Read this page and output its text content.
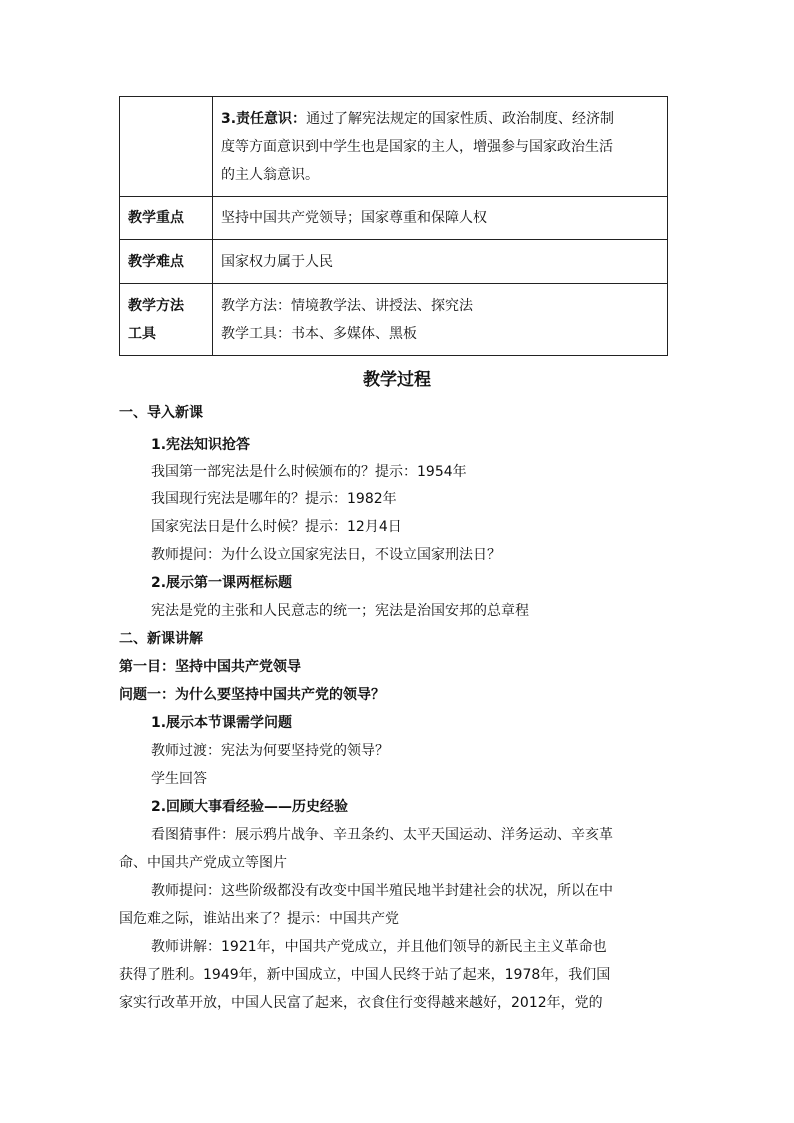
	3.责任意识：通过了解宪法规定的国家性质、政治制度、经济制
度等方面意识到中学生也是国家的主人，增强参与国家政治生活
的主人翁意识。
教学重点	坚持中国共产党领导；国家尊重和保障人权
教学难点	国家权力属于人民
教学方法
工具	教学方法：情境教学法、讲授法、探究法
教学工具：书本、多媒体、黑板
教学过程
一、导入新课
1.宪法知识抢答
我国第一部宪法是什么时候颁布的？提示：1954年
我国现行宪法是哪年的？提示：1982年
国家宪法日是什么时候？提示：12月4日
教师提问：为什么设立国家宪法日，不设立国家刑法日？
2.展示第一课两框标题
宪法是党的主张和人民意志的统一；宪法是治国安邦的总章程
二、新课讲解
第一目：坚持中国共产党领导
问题一：为什么要坚持中国共产党的领导？
1.展示本节课需学问题
教师过渡：宪法为何要坚持党的领导？
学生回答
2.回顾大事看经验——历史经验
看图猜事件：展示鸦片战争、辛丑条约、太平天国运动、洋务运动、辛亥革
命、中国共产党成立等图片
教师提问：这些阶级都没有改变中国半殖民地半封建社会的状况，所以在中
国危难之际，谁站出来了？提示：中国共产党
教师讲解：1921年，中国共产党成立，并且他们领导的新民主主义革命也
获得了胜利。1949年，新中国成立，中国人民终于站了起来，1978年，我们国
家实行改革开放，中国人民富了起来，衣食住行变得越来越好，2012年，党的
